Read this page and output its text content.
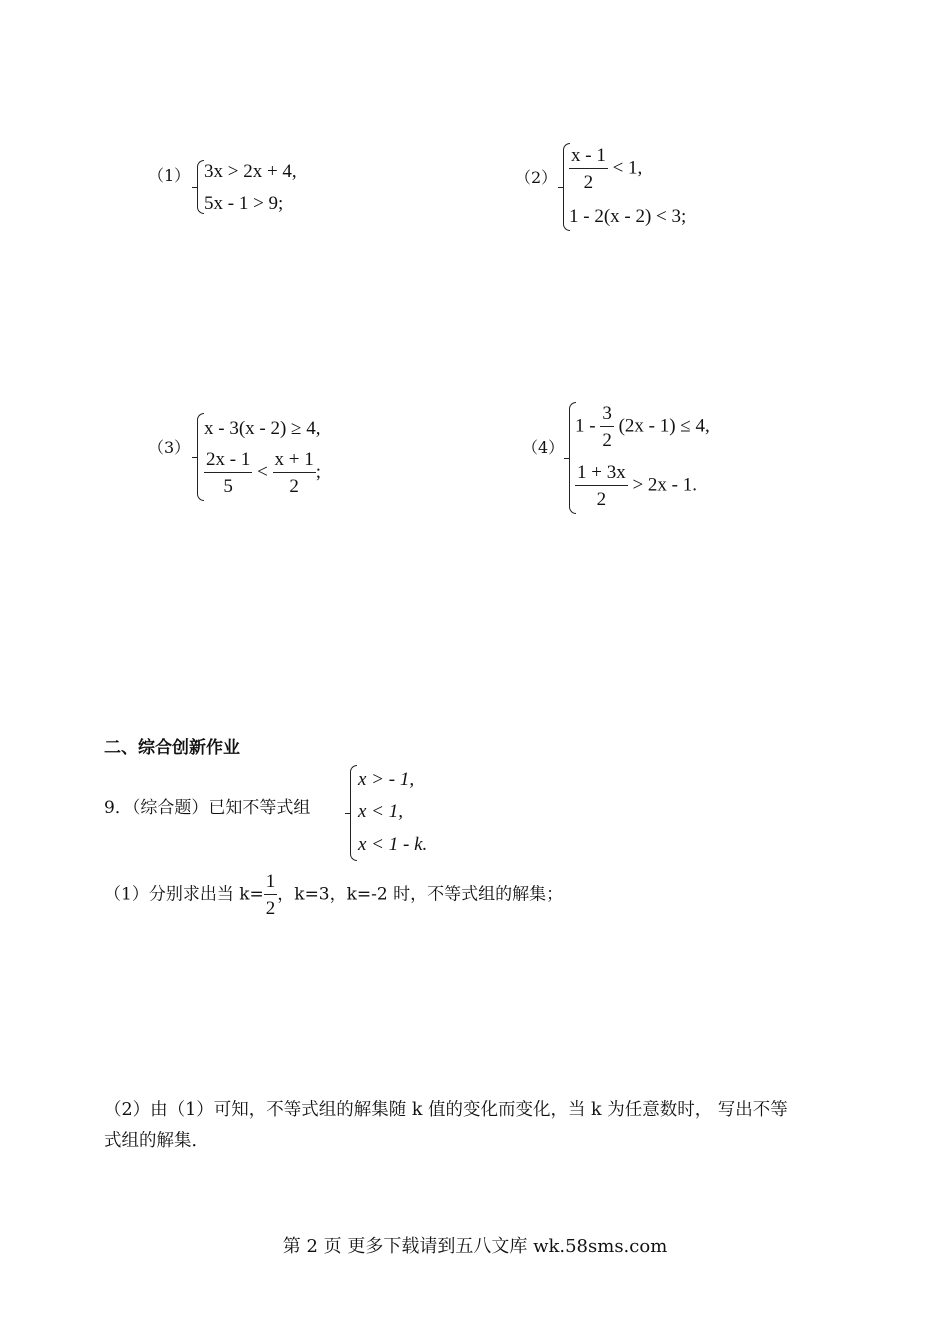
（1） 3x > 2x + 4,
5x - 1 > 9;
$(2) \frac{x - 1}{2} < 1$,
1 - 2(x - 2) < 3;
（3）
x - 3(x - 2) ≥ 4,
$\frac{2x - 1}{5} < \frac{x + 1}{2}$ ;
（4）
$1 - \frac{3}{2} (2x - 1) \le 4$,
$\frac{1 + 3x}{2} > 2x - 1$.
二、综合创新作业
9．（综合题）已知不等式组
x > - 1,
x < 1,
x < 1 - k.
（1）分别求出当 $k= \frac{1}{2}$ ，k=3，k=-2 时，不等式组的解集；
（2）由（1）可知，不等式组的解集随 k 值的变化而变化，当 k 为任意数时， 写出不等
式组的解集．
第 2 页 更多下载请到五八文库 wk.58sms.com
